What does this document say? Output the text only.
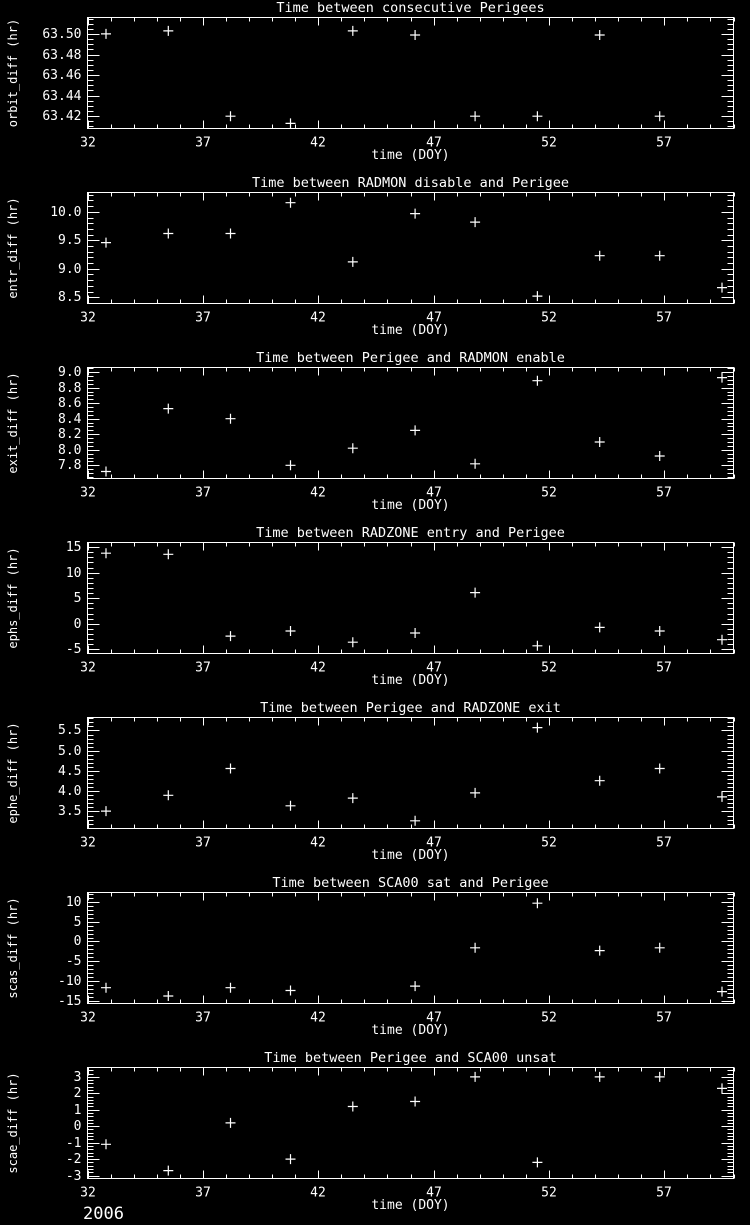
63.42
63.44
63.46
63.48
63.50
32	37	42	47	52	57
Time between consecutive Perigees
orbit_diff (hr)
time (DOY)
8.5
9.0
9.5
10.0
32	37	42	47	52	57
Time between RADMON disable and Perigee
entr_diff (hr)
time (DOY)
7.8
8.0
8.2
8.4
8.6
8.8
9.0
32	37	42	47	52	57
Time between Perigee and RADMON enable
exit_diff (hr)
time (DOY)
-5
0
5
10
15
32	37	42	47	52	57
Time between RADZONE entry and Perigee
ephs_diff (hr)
time (DOY)
3.5
4.0
4.5
5.0
5.5
32	37	42	47	52	57
Time between Perigee and RADZONE exit
ephe_diff (hr)
time (DOY)
-15
-10
-5
0
5
10
32	37	42	47	52	57
Time between SCA00 sat and Perigee
scas_diff (hr)
time (DOY)
-3
-2
-1
0
1
2
3
32	37	42	47	52	57
Time between Perigee and SCA00 unsat
scae_diff (hr)
time (DOY)
2006
